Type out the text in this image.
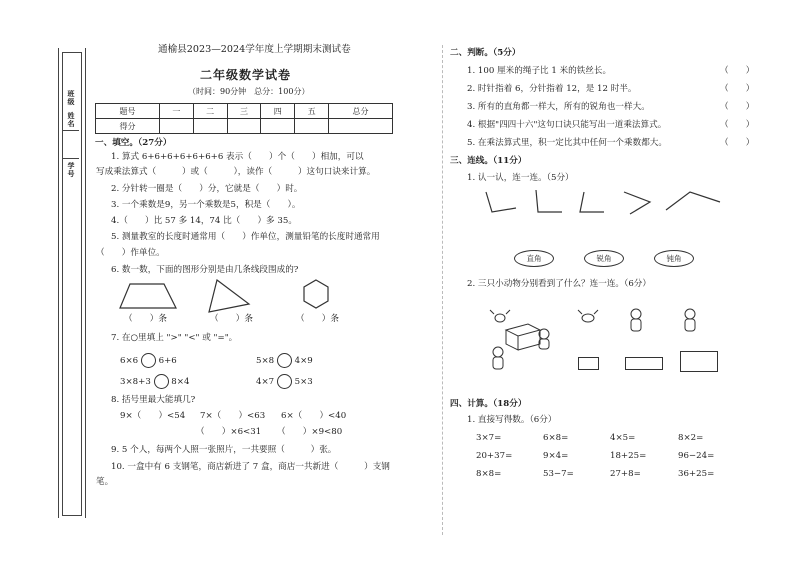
班级
姓名
学号
通榆县2023—2024学年度上学期期末测试卷
二年级数学试卷
（时间：90分钟　总分：100分）
题号	一	二	三	四	五	总分
得分						
一、填空。（27分）
1. 算式 6+6+6+6+6+6+6 表示（　　）个（　　）相加，可以
写成乘法算式（　　　）或（　　　），读作（　　　）这句口诀来计算。
2. 分针转一圈是（　　）分，它就是（　　）时。
3. 一个乘数是9，另一个乘数是5，积是（　　）。
4.（　　）比 57 多 14，74 比（　　）多 35。
5. 测量教室的长度时通常用（　　）作单位，测量铅笔的长度时通常用
（　　）作单位。
6. 数一数，下面的图形分别是由几条线段围成的?
（　　）条	（　　）条	（　　）条
7. 在○里填上 ">" "<" 或 "="。
6×6 6+6	5×8 4×9
3×8+3 8×4	4×7 5×3
8. 括号里最大能填几?
9×（　　）<54 7×（　　）<63 6×（　　）<40
（　　）×6<31 （　　）×9<80
9. 5 个人，每两个人照一张照片，一共要照（　　　）张。
10. 一盒中有 6 支钢笔，商店新进了 7 盒，商店一共新进（　　　）支钢
笔。
二、判断。（5分）
1. 100 厘米的绳子比 1 米的铁丝长。	（　　）
2. 时针指着 6，分针指着 12，是 12 时半。	（　　）
3. 所有的直角都一样大，所有的锐角也一样大。	（　　）
4. 根据"四四十六"这句口诀只能写出一道乘法算式。	（　　）
5. 在乘法算式里，积一定比其中任何一个乘数都大。	（　　）
三、连线。（11分）
1. 认一认，连一连。（5分）
直角	锐角	钝角
2. 三只小动物分别看到了什么？连一连。（6分）
四、计算。（18分）
1. 直接写得数。（6分）
3×7=	6×8=	4×5=	8×2=
20+37=	9×4=	18+25=	96−24=
8×8=	53−7=	27+8=	36+25=
